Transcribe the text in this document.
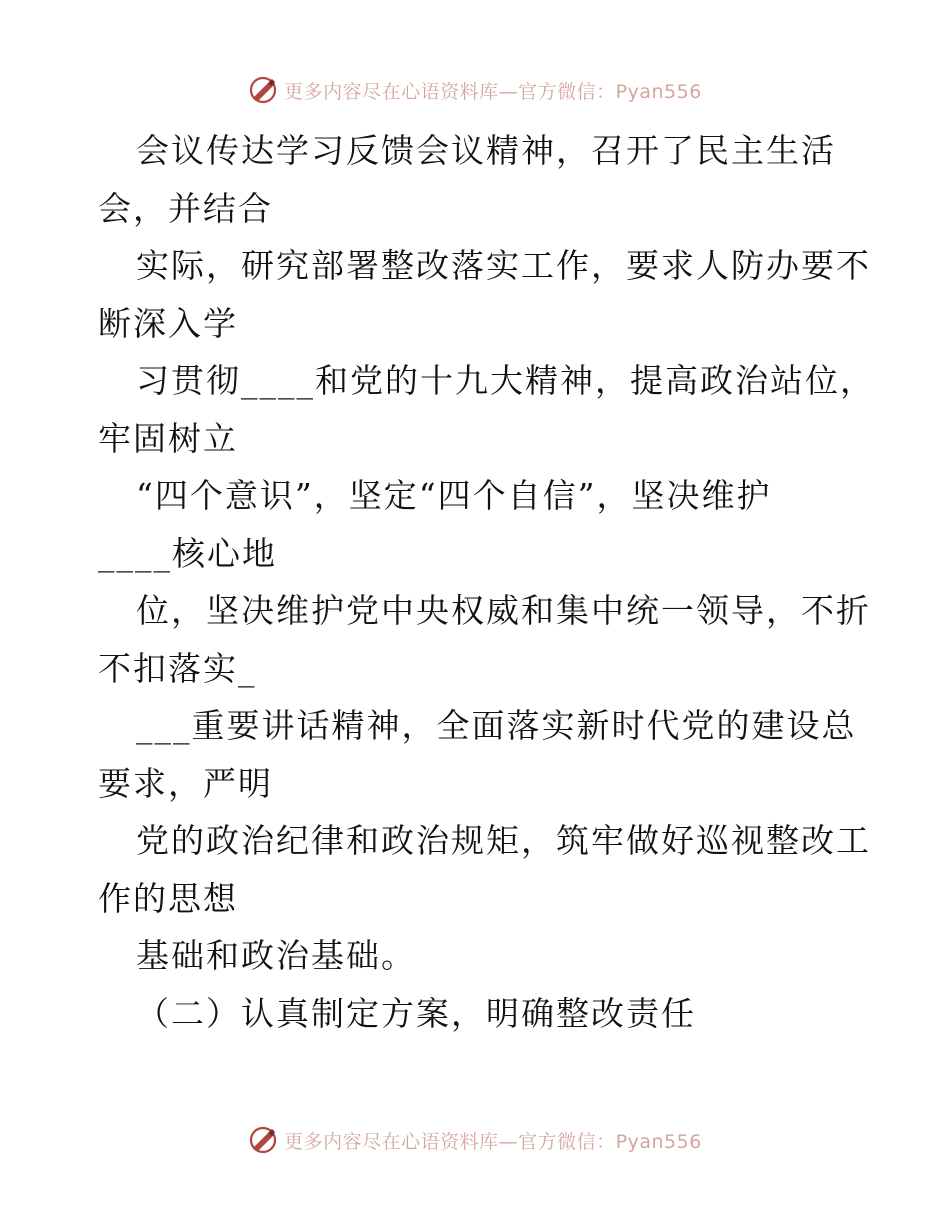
更多内容尽在心语资料库—官方微信：Pyan556
会议传达学习反馈会议精神，召开了民主生活
会，并结合
实际，研究部署整改落实工作，要求人防办要不
断深入学
习贯彻____和党的十九大精神，提高政治站位，
牢固树立
“四个意识”，坚定“四个自信”，坚决维护
____核心地
位，坚决维护党中央权威和集中统一领导，不折
不扣落实_
___重要讲话精神，全面落实新时代党的建设总
要求，严明
党的政治纪律和政治规矩，筑牢做好巡视整改工
作的思想
基础和政治基础。
（二）认真制定方案，明确整改责任
更多内容尽在心语资料库—官方微信：Pyan556
